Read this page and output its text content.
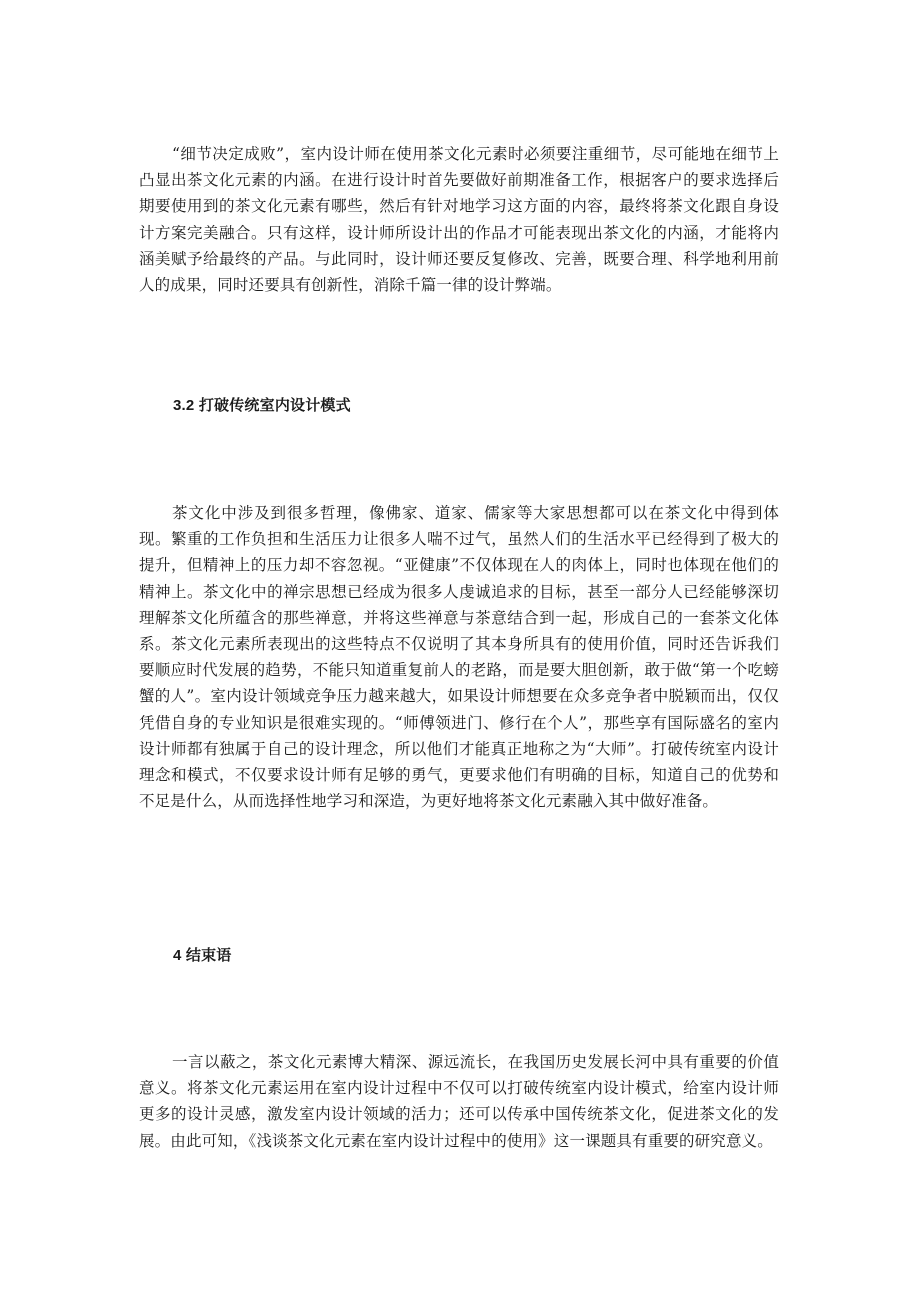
“细节决定成败”，室内设计师在使用茶文化元素时必须要注重细节，尽可能地在细节上凸显出茶文化元素的内涵。在进行设计时首先要做好前期准备工作，根据客户的要求选择后期要使用到的茶文化元素有哪些，然后有针对地学习这方面的内容，最终将茶文化跟自身设计方案完美融合。只有这样，设计师所设计出的作品才可能表现出茶文化的内涵，才能将内涵美赋予给最终的产品。与此同时，设计师还要反复修改、完善，既要合理、科学地利用前人的成果，同时还要具有创新性，消除千篇一律的设计弊端。

3.2 打破传统室内设计模式

茶文化中涉及到很多哲理，像佛家、道家、儒家等大家思想都可以在茶文化中得到体现。繁重的工作负担和生活压力让很多人喘不过气，虽然人们的生活水平已经得到了极大的提升，但精神上的压力却不容忽视。“亚健康”不仅体现在人的肉体上，同时也体现在他们的精神上。茶文化中的禅宗思想已经成为很多人虔诚追求的目标，甚至一部分人已经能够深切理解茶文化所蕴含的那些禅意，并将这些禅意与茶意结合到一起，形成自己的一套茶文化体系。茶文化元素所表现出的这些特点不仅说明了其本身所具有的使用价值，同时还告诉我们要顺应时代发展的趋势，不能只知道重复前人的老路，而是要大胆创新，敢于做“第一个吃螃蟹的人”。室内设计领域竞争压力越来越大，如果设计师想要在众多竞争者中脱颖而出，仅仅凭借自身的专业知识是很难实现的。“师傅领进门、修行在个人”，那些享有国际盛名的室内设计师都有独属于自己的设计理念，所以他们才能真正地称之为“大师”。打破传统室内设计理念和模式，不仅要求设计师有足够的勇气，更要求他们有明确的目标，知道自己的优势和不足是什么，从而选择性地学习和深造，为更好地将茶文化元素融入其中做好准备。

4 结束语

一言以蔽之，茶文化元素博大精深、源远流长，在我国历史发展长河中具有重要的价值意义。将茶文化元素运用在室内设计过程中不仅可以打破传统室内设计模式，给室内设计师更多的设计灵感，激发室内设计领域的活力；还可以传承中国传统茶文化，促进茶文化的发展。由此可知，《浅谈茶文化元素在室内设计过程中的使用》这一课题具有重要的研究意义。
